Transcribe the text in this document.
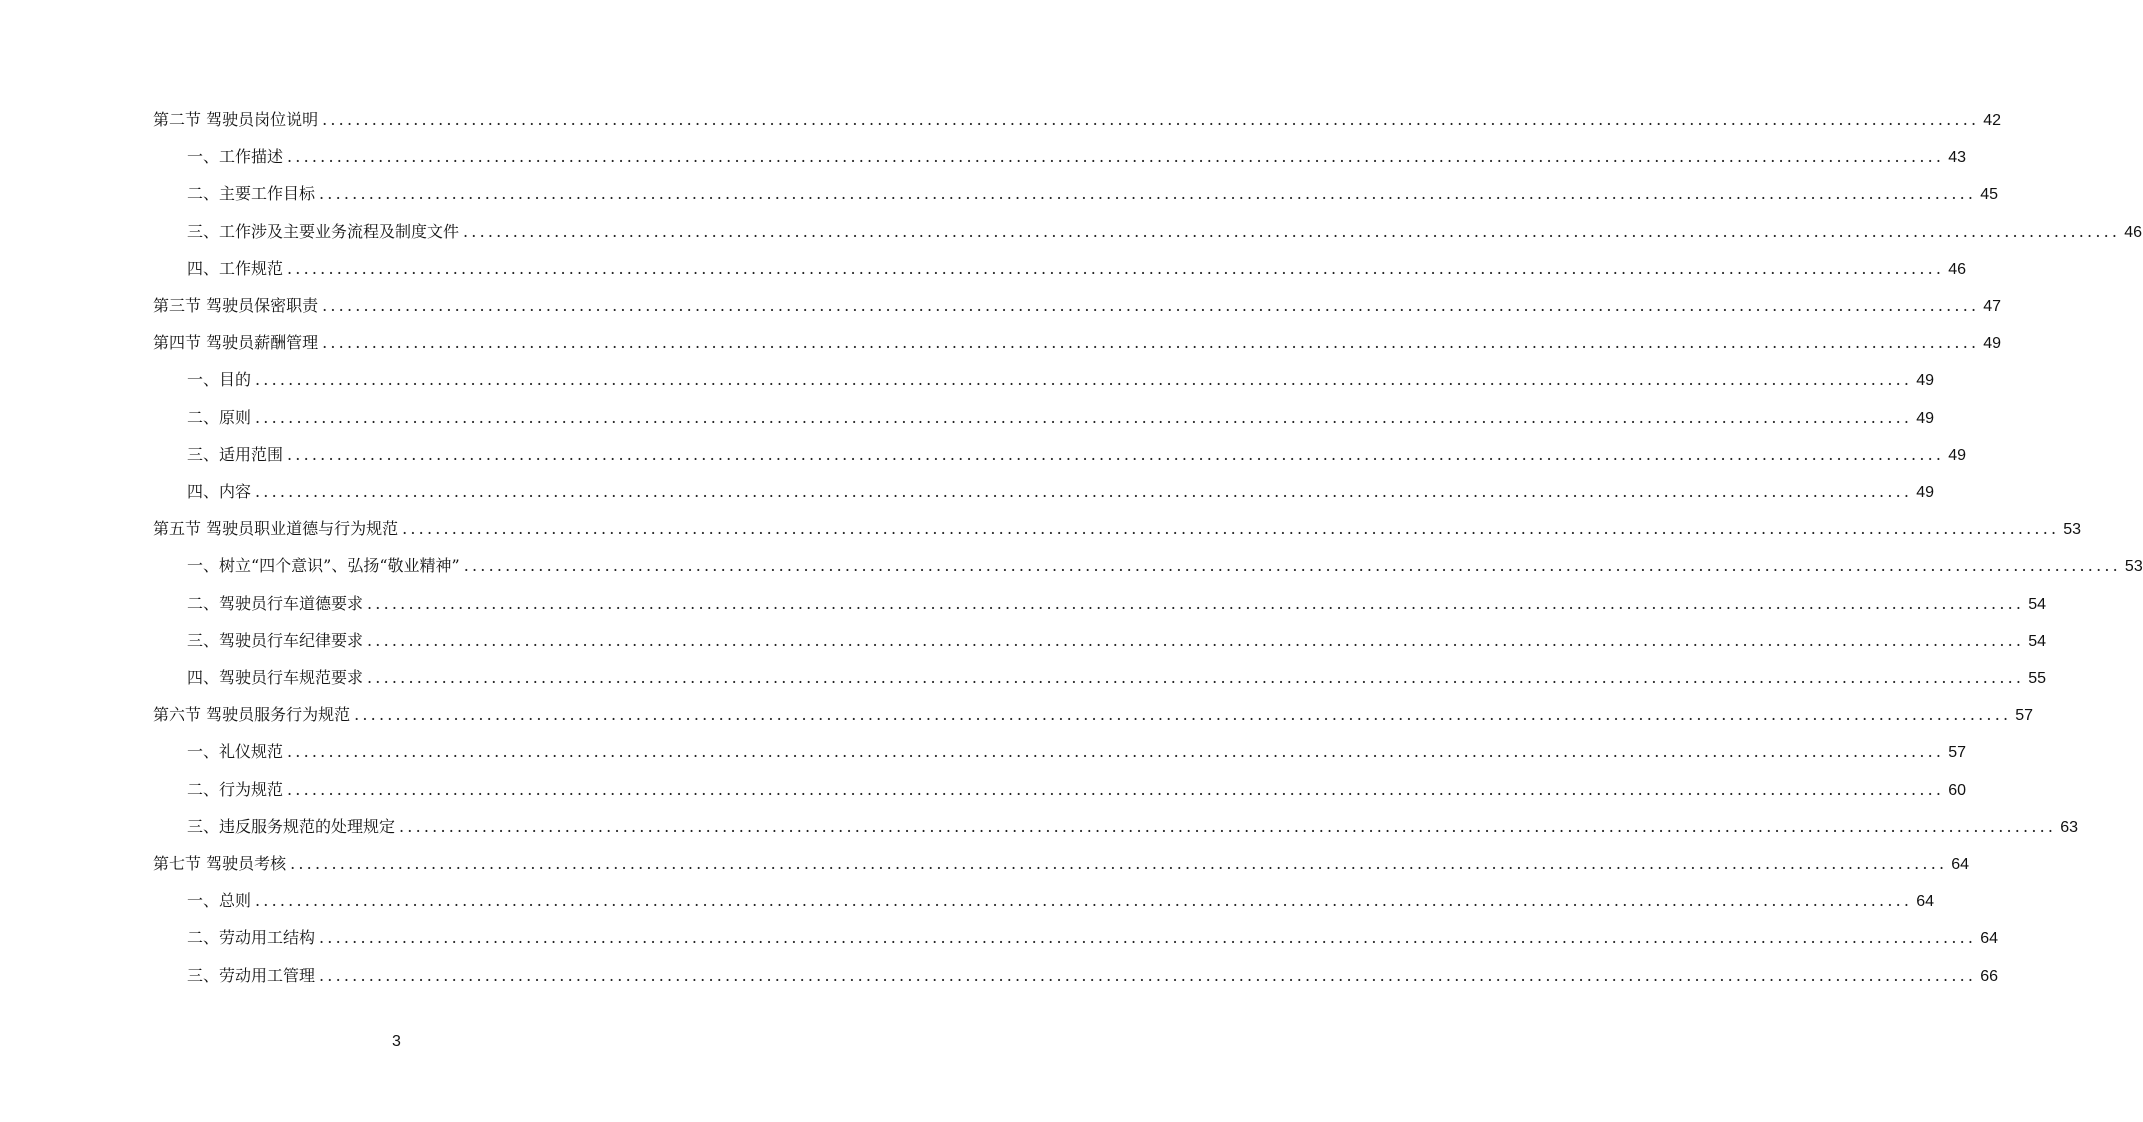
第二节 驾驶员岗位说明 ........................................................................................................................................................................................................ 42
一、工作描述 ........................................................................................................................................................................................................ 43
二、主要工作目标 ........................................................................................................................................................................................................ 45
三、工作涉及主要业务流程及制度文件 ........................................................................................................................................................................................................ 46
四、工作规范 ........................................................................................................................................................................................................ 46
第三节 驾驶员保密职责 ........................................................................................................................................................................................................ 47
第四节 驾驶员薪酬管理 ........................................................................................................................................................................................................ 49
一、目的 ........................................................................................................................................................................................................ 49
二、原则 ........................................................................................................................................................................................................ 49
三、适用范围 ........................................................................................................................................................................................................ 49
四、内容 ........................................................................................................................................................................................................ 49
第五节 驾驶员职业道德与行为规范 ........................................................................................................................................................................................................ 53
一、树立“四个意识”、弘扬“敬业精神” ........................................................................................................................................................................................................ 53
二、驾驶员行车道德要求 ........................................................................................................................................................................................................ 54
三、驾驶员行车纪律要求 ........................................................................................................................................................................................................ 54
四、驾驶员行车规范要求 ........................................................................................................................................................................................................ 55
第六节 驾驶员服务行为规范 ........................................................................................................................................................................................................ 57
一、礼仪规范 ........................................................................................................................................................................................................ 57
二、行为规范 ........................................................................................................................................................................................................ 60
三、违反服务规范的处理规定 ........................................................................................................................................................................................................ 63
第七节 驾驶员考核 ........................................................................................................................................................................................................ 64
一、总则 ........................................................................................................................................................................................................ 64
二、劳动用工结构 ........................................................................................................................................................................................................ 64
三、劳动用工管理 ........................................................................................................................................................................................................ 66
3
